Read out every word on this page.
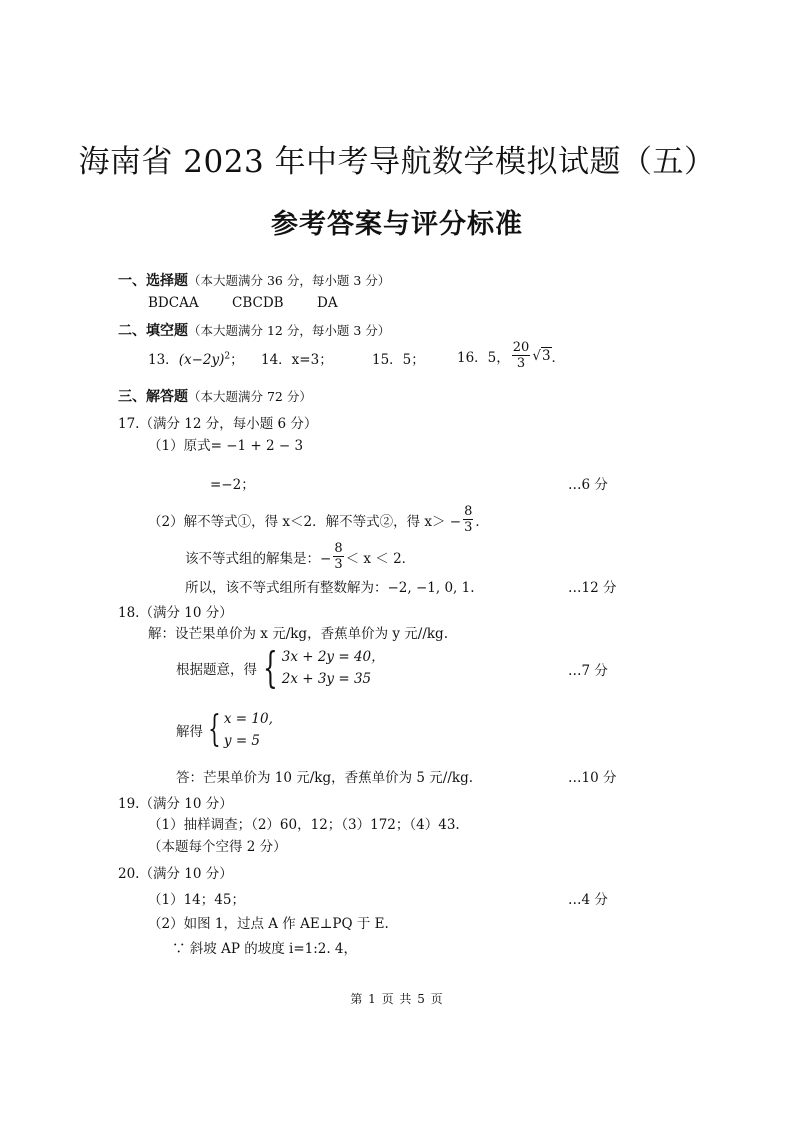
海南省 2023 年中考导航数学模拟试题（五）
参考答案与评分标准
一、选择题（本大题满分 36 分，每小题 3 分）
BDCAA CBCDB DA
二、填空题（本大题满分 12 分，每小题 3 分）
13．$(x-2y)^2$； 14．x=3；	15．5； 16．5， $\frac{20}{3} √3$ ．
三、解答题（本大题满分 72 分）
17.（满分 12 分，每小题 6 分）
（1）原式= −1 + 2 − 3
=−2；	…6 分
（2）解不等式①，得 x＜2．解不等式②，得 $x> - \frac{8}{3}$ ．
该不等式组的解集是：− $\frac{8}{3} < x < 2$．
所以，该不等式组所有整数解为：−2, −1, 0, 1.	…12 分
18.（满分 10 分）
解：设芒果单价为 x 元/kg，香蕉单价为 y 元//kg.
根据题意，得 { 3x + 2y = 40，
2x + 3y = 35	…7 分
解得 { x = 10,
y = 5
答：芒果单价为 10 元/kg，香蕉单价为 5 元//kg.	…10 分
19.（满分 10 分）
（1）抽样调查；（2）60，12；（3）172；（4）43.
（本题每个空得 2 分）
20.（满分 10 分）
（1）14；45；	…4 分
（2）如图 1，过点 A 作 AE⊥PQ 于 E.
∵ 斜坡 AP 的坡度 i=1:2. 4，
第 1 页 共 5 页
